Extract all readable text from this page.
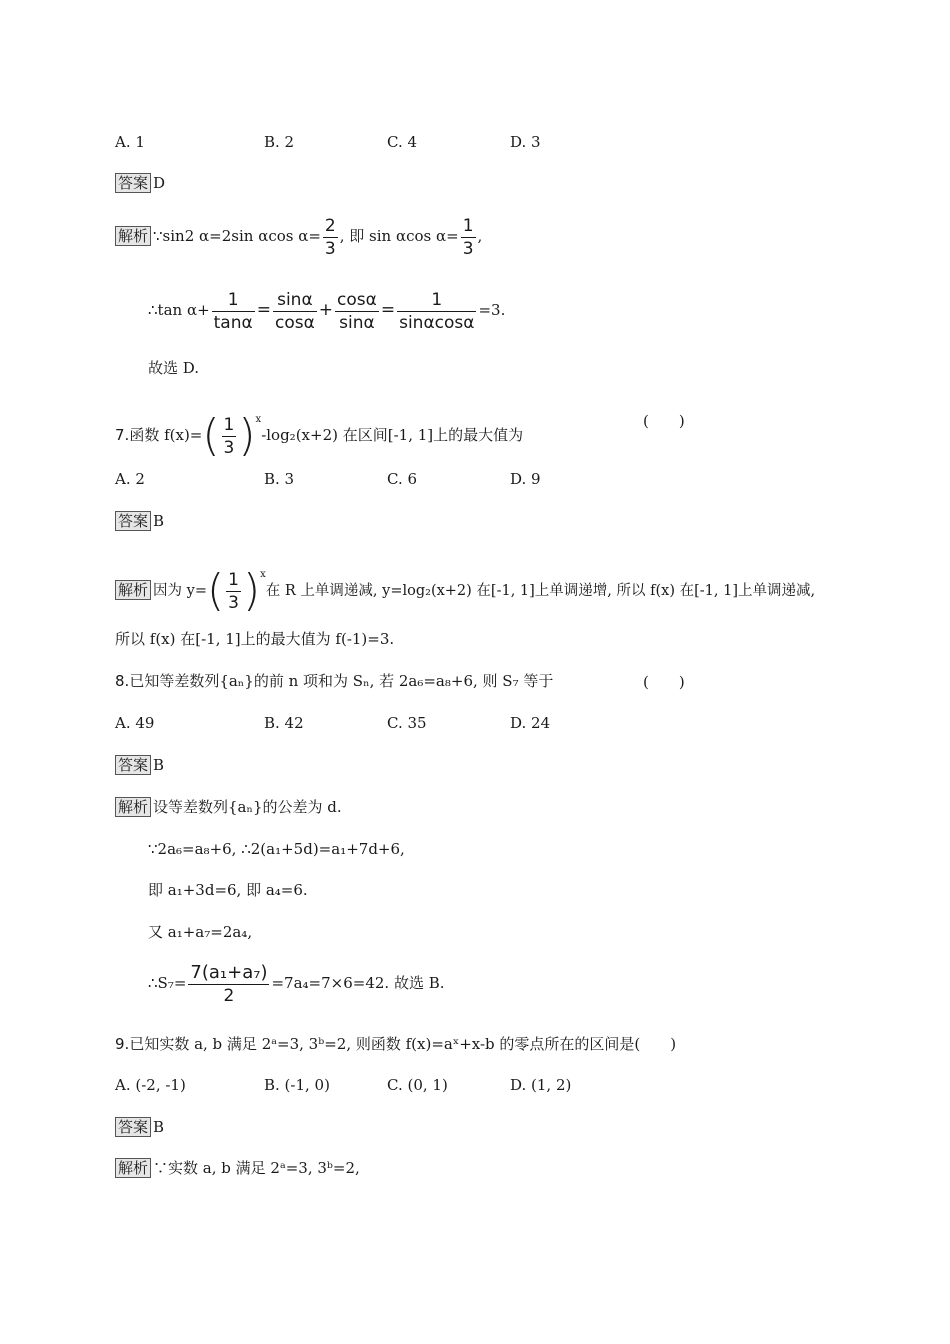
A. 1	B. 2	C. 4	D. 3
答案 D
解析 ∵sin2 α=2sin αcos $\alpha= \frac{2}{3}$ , 即 sin αcos $\alpha= \frac{1}{3}$ ,
∴tan $\alpha+ \frac{1}{\tan\alpha} = \frac{\sin\alpha}{\cos\alpha} + \frac{\cos\alpha}{\sin\alpha} = \frac{1}{\sin\alpha\cos\alpha} =3$.
故选 D.
7.函数 $f(x)=( \frac{1}{3} )^x-\log_2(x+2)$ 在区间[-1, 1]上的最大值为
(　　)
A. 2	B. 3	C. 6	D. 9
答案 B
解析 因为 $y=( \frac{1}{3} )^x$在 R 上单调递减, y=log₂(x+2) 在[-1, 1]上单调递增, 所以 f(x) 在[-1, 1]上单调递减,
所以 f(x) 在[-1, 1]上的最大值为 f(-1)=3.
8.已知等差数列{aₙ}的前 n 项和为 Sₙ, 若 2a₆=a₈+6, 则 S₇ 等于	(　　)
A. 49	B. 42	C. 35	D. 24
答案 B
解析 设等差数列{aₙ}的公差为 d.
∵2a₆=a₈+6, ∴2(a₁+5d)=a₁+7d+6,
即 a₁+3d=6, 即 a₄=6.
又 a₁+a₇=2a₄,
∴S₇= $\frac{\text{7(a₁+a₇)}}{2} =7a_4=7\times 6=42$. 故选 B.
9.已知实数 a, b 满足 2ᵃ=3, 3ᵇ=2, 则函数 f(x)=aˣ+x-b 的零点所在的区间是(　　)
A. (-2, -1)	B. (-1, 0)	C. (0, 1)	D. (1, 2)
答案 B
解析 ∵实数 a, b 满足 2ᵃ=3, 3ᵇ=2,
